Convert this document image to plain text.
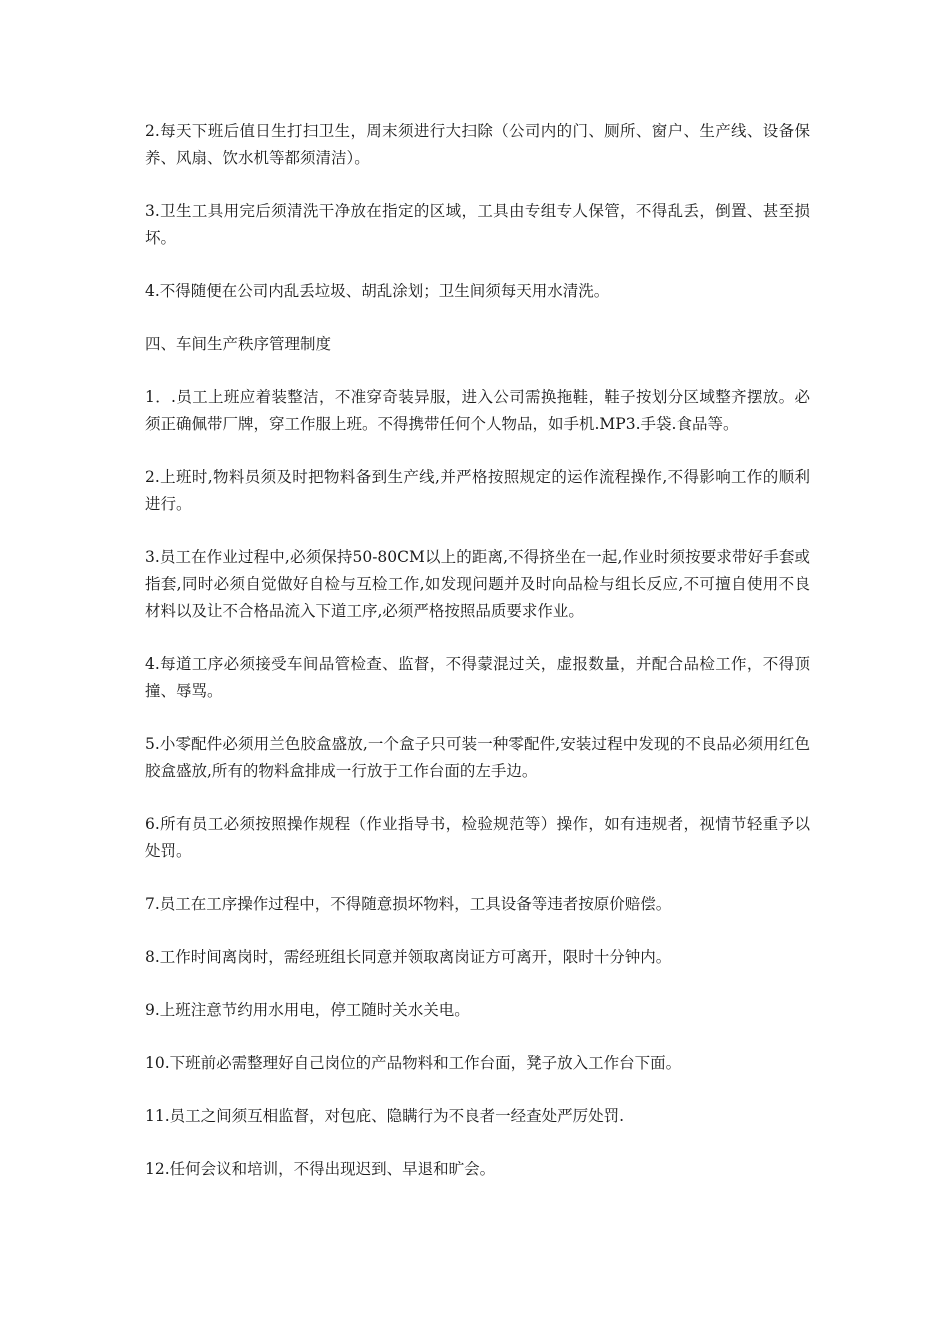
2.每天下班后值日生打扫卫生，周末须进行大扫除（公司内的门、厕所、窗户、生产线、设备保养、风扇、饮水机等都须清洁）。

3.卫生工具用完后须清洗干净放在指定的区域，工具由专组专人保管，不得乱丢，倒置、甚至损坏。

4.不得随便在公司内乱丢垃圾、胡乱涂划；卫生间须每天用水清洗。

四、车间生产秩序管理制度

1．.员工上班应着装整洁，不准穿奇装异服，进入公司需换拖鞋，鞋子按划分区域整齐摆放。必须正确佩带厂牌，穿工作服上班。不得携带任何个人物品，如手机.MP3.手袋.食品等。

2.上班时,物料员须及时把物料备到生产线,并严格按照规定的运作流程操作,不得影响工作的顺利进行。

3.员工在作业过程中,必须保持50-80CM以上的距离,不得挤坐在一起,作业时须按要求带好手套或指套,同时必须自觉做好自检与互检工作,如发现问题并及时向品检与组长反应,不可擅自使用不良材料以及让不合格品流入下道工序,必须严格按照品质要求作业。

4.每道工序必须接受车间品管检查、监督，不得蒙混过关，虚报数量，并配合品检工作，不得顶撞、辱骂。

5.小零配件必须用兰色胶盒盛放,一个盒子只可装一种零配件,安装过程中发现的不良品必须用红色胶盒盛放,所有的物料盒排成一行放于工作台面的左手边。

6.所有员工必须按照操作规程（作业指导书，检验规范等）操作，如有违规者，视情节轻重予以处罚。

7.员工在工序操作过程中，不得随意损坏物料，工具设备等违者按原价赔偿。

8.工作时间离岗时，需经班组长同意并领取离岗证方可离开，限时十分钟内。

9.上班注意节约用水用电，停工随时关水关电。

10.下班前必需整理好自己岗位的产品物料和工作台面，凳子放入工作台下面。

11.员工之间须互相监督，对包庇、隐瞒行为不良者一经查处严厉处罚.

12.任何会议和培训，不得出现迟到、早退和旷会。
